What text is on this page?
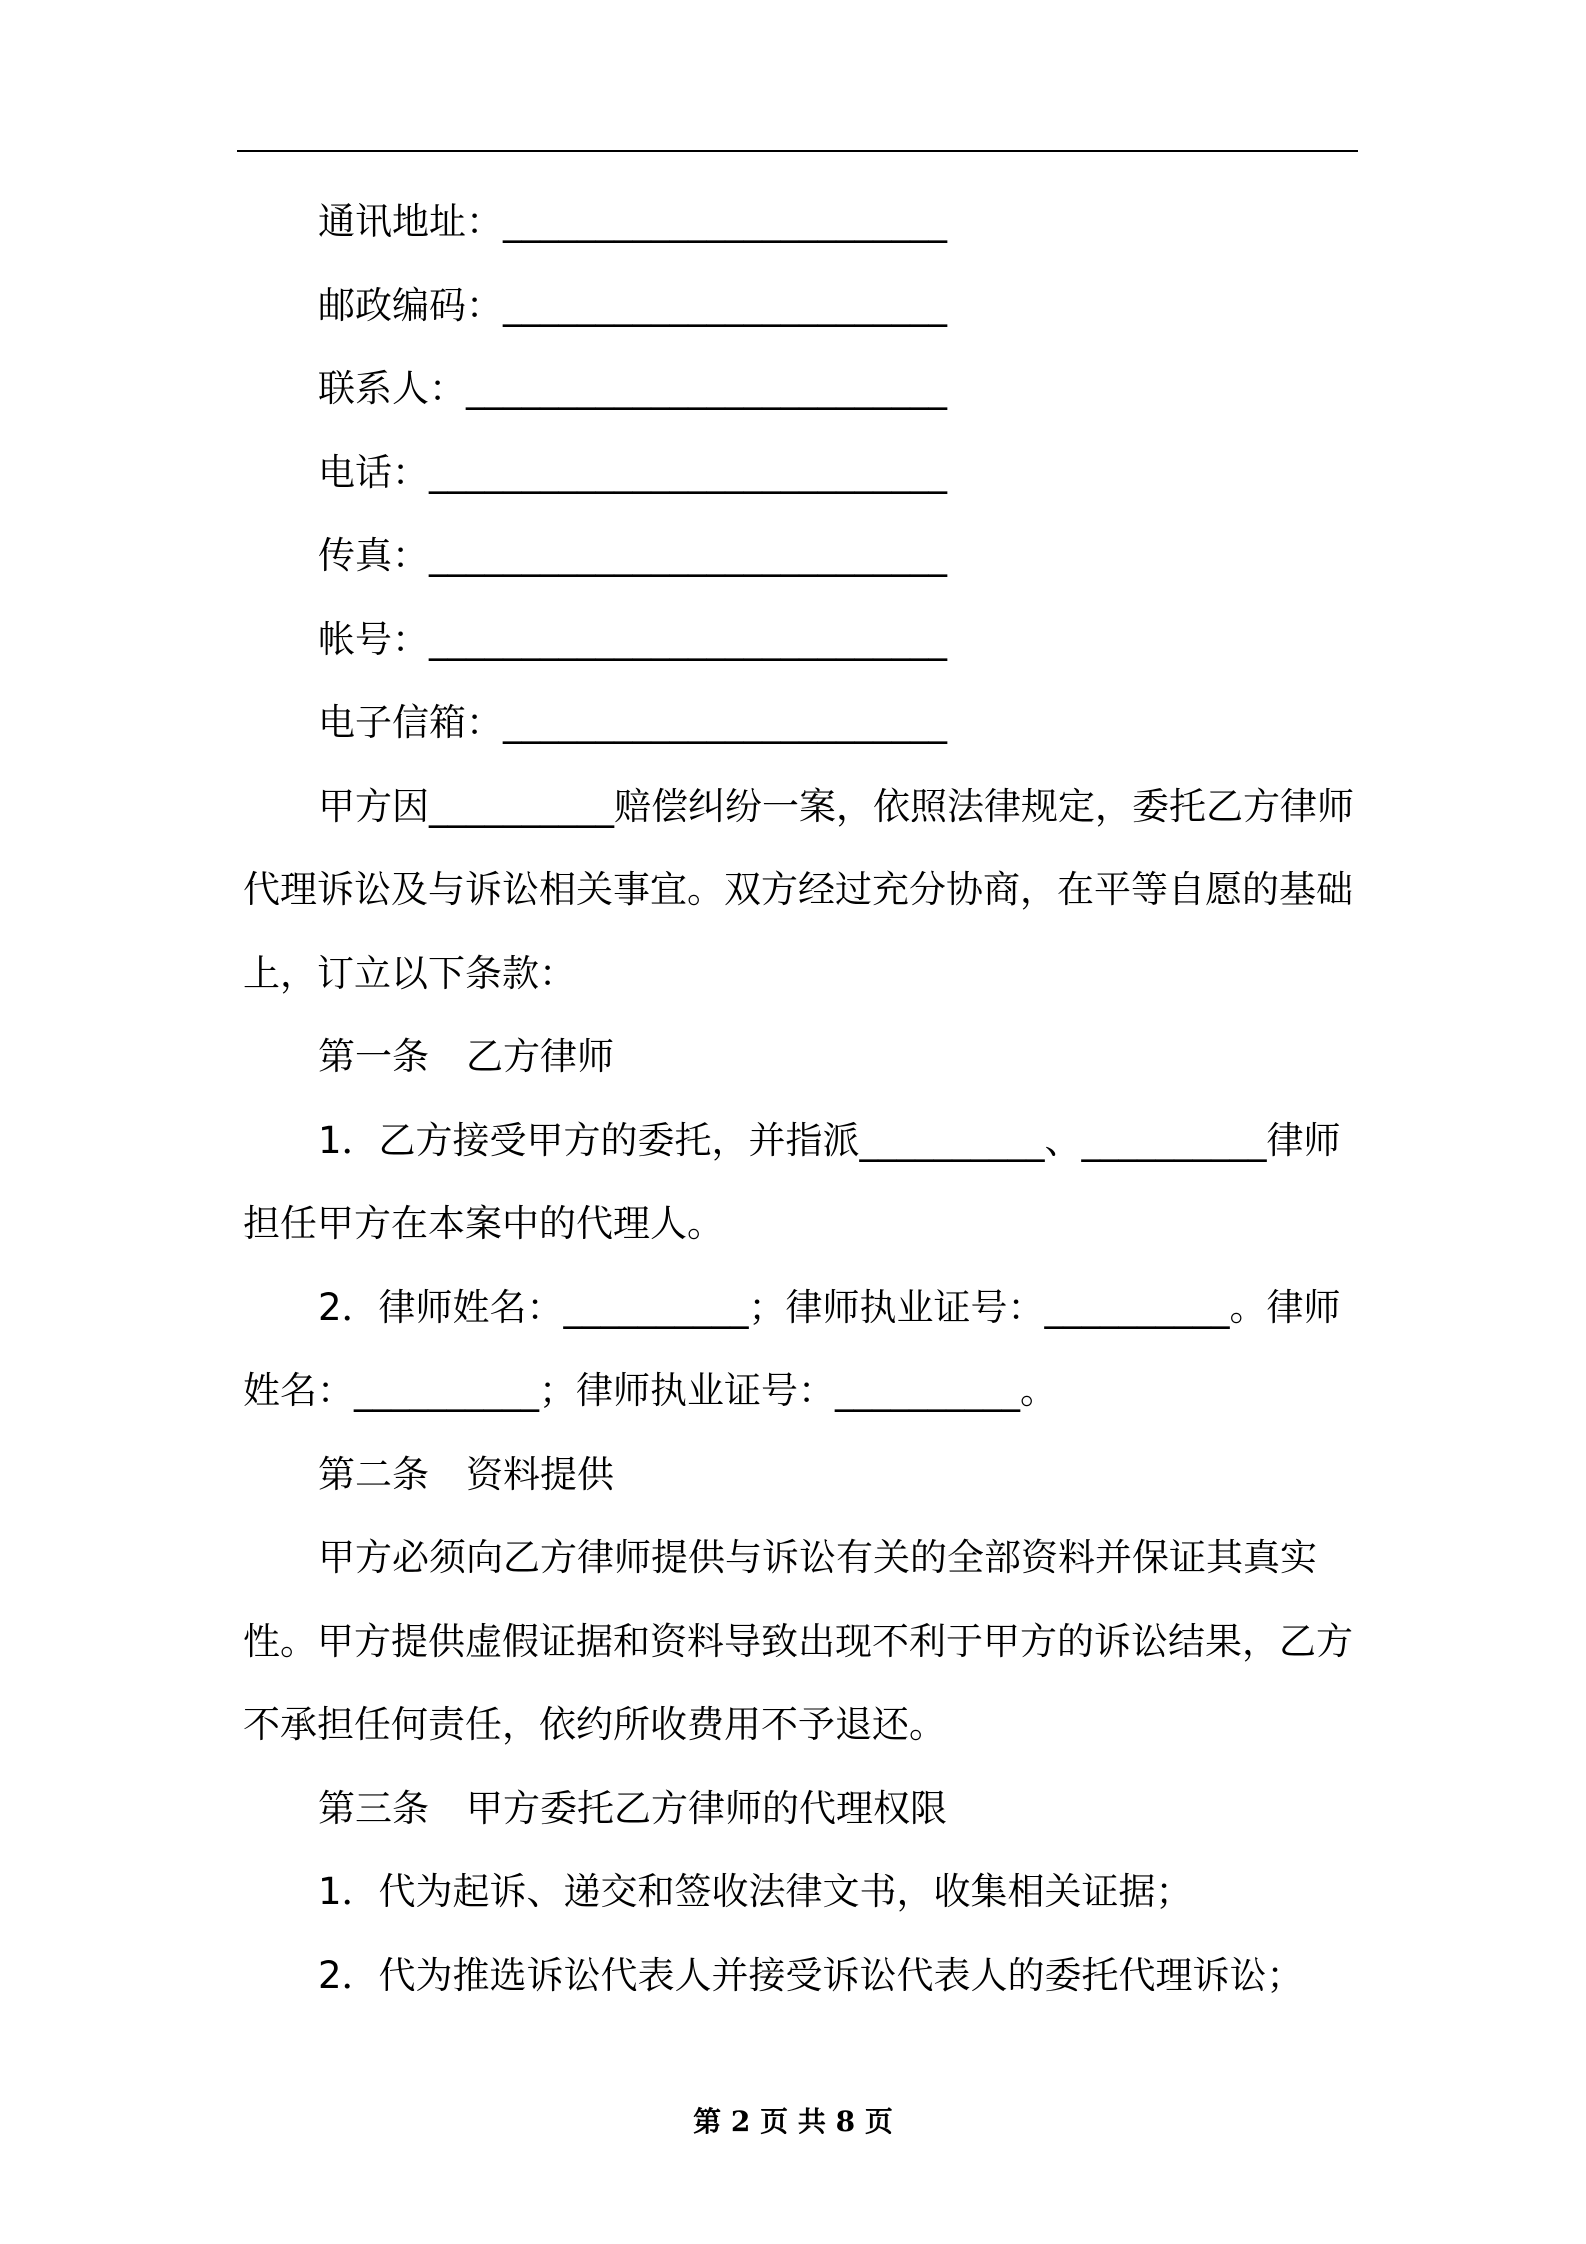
通讯地址：________________________
邮政编码：________________________
联系人：__________________________
电话：____________________________
传真：____________________________
帐号：____________________________
电子信箱：________________________
甲方因__________赔偿纠纷一案，依照法律规定，委托乙方律师
代理诉讼及与诉讼相关事宜。双方经过充分协商，在平等自愿的基础
上，订立以下条款：
第一条　乙方律师
1．乙方接受甲方的委托，并指派__________、__________律师
担任甲方在本案中的代理人。
2．律师姓名：__________；律师执业证号：__________。律师
姓名：__________；律师执业证号：__________。
第二条　资料提供
甲方必须向乙方律师提供与诉讼有关的全部资料并保证其真实
性。甲方提供虚假证据和资料导致出现不利于甲方的诉讼结果，乙方
不承担任何责任，依约所收费用不予退还。
第三条　甲方委托乙方律师的代理权限
1．代为起诉、递交和签收法律文书，收集相关证据；
2．代为推选诉讼代表人并接受诉讼代表人的委托代理诉讼；
第 2 页 共 8 页
